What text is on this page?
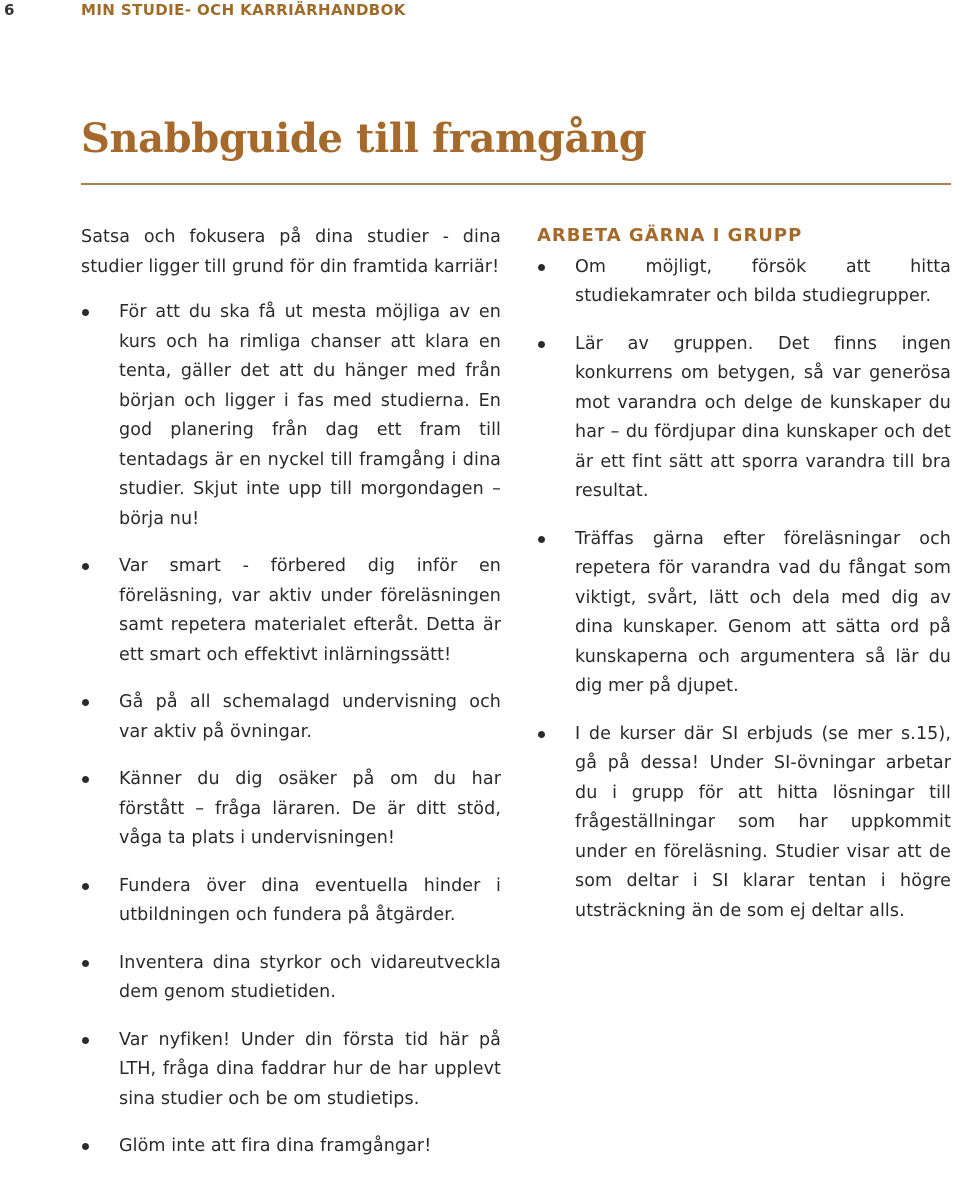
6	MIN STUDIE- OCH KARRIÄRHANDBOK
Snabbguide till framgång

Satsa och fokusera på dina studier - dina studier ligger till grund för din framtida karriär!

För att du ska få ut mesta möjliga av en kurs och ha rimliga chanser att klara en tenta, gäller det att du hänger med från början och ligger i fas med studierna. En god planering från dag ett fram till tentadags är en nyckel till framgång i dina studier. Skjut inte upp till morgondagen – börja nu!
Var smart - förbered dig inför en föreläsning, var aktiv under föreläsningen samt repetera materialet efteråt. Detta är ett smart och effektivt inlärningssätt!
Gå på all schemalagd undervisning och var aktiv på övningar.
Känner du dig osäker på om du har förstått – fråga läraren. De är ditt stöd, våga ta plats i undervisningen!
Fundera över dina eventuella hinder i utbildningen och fundera på åtgärder.
Inventera dina styrkor och vidareutveckla dem genom studietiden.
Var nyfiken! Under din första tid här på LTH, fråga dina faddrar hur de har upplevt sina studier och be om studietips.
Glöm inte att fira dina framgångar!
ARBETA GÄRNA I GRUPP
Om möjligt, försök att hitta studiekamrater och bilda studiegrupper.
Lär av gruppen. Det finns ingen konkurrens om betygen, så var generösa mot varandra och delge de kunskaper du har – du fördjupar dina kunskaper och det är ett fint sätt att sporra varandra till bra resultat.
Träffas gärna efter föreläsningar och repetera för varandra vad du fångat som viktigt, svårt, lätt och dela med dig av dina kunskaper. Genom att sätta ord på kunskaperna och argumentera så lär du dig mer på djupet.
I de kurser där SI erbjuds (se mer s.15), gå på dessa! Under SI-övningar arbetar du i grupp för att hitta lösningar till frågeställningar som har uppkommit under en föreläsning. Studier visar att de som deltar i SI klarar tentan i högre utsträckning än de som ej deltar alls.
